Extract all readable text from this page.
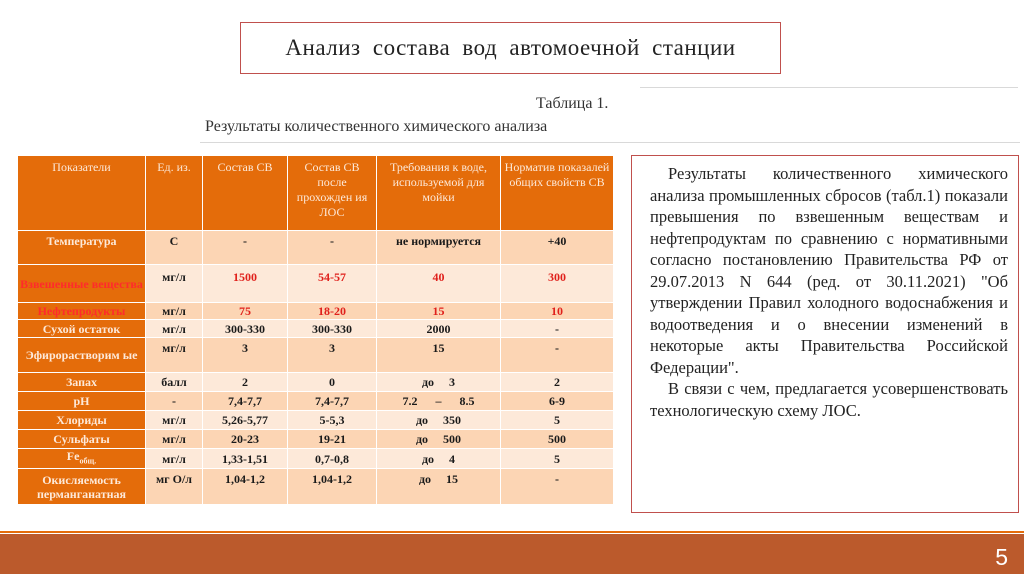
Анализ состава вод автомоечной станции
Таблица 1.
Результаты количественного химического анализа
Показатели	Ед. из.	Состав СВ	Состав СВ после прохожден ия ЛОС	Требования к воде, используемой для мойки	Норматив показалей общих свойств СВ
Температура	С	-	-	не нормируется	+40
Взвешенные вещества	мг/л	1500	54-57	40	300
Нефтепродукты	мг/л	75	18-20	15	10
Сухой остаток	мг/л	300-330	300-330	2000	-
Эфирорастворим ые	мг/л	3	3	15	-
Запах	балл	2	0	до     3	2
pH	-	7,4-7,7	7,4-7,7	7.2      –      8.5	6-9
Хлориды	мг/л	5,26-5,77	5-5,3	до     350	5
Сульфаты	мг/л	20-23	19-21	до     500	500
$Fe_{общ.}$	мг/л	1,33-1,51	0,7-0,8	до     4	5
Окисляемость перманганатная	мг О/л	1,04-1,2	1,04-1,2	до     15	-

Результаты количественного химического анализа промышленных сбросов (табл.1) показали превышения по взвешенным веществам и нефтепродуктам по сравнению с нормативными согласно постановлению Правительства РФ от 29.07.2013 N 644 (ред. от 30.11.2021) "Об утверждении Правил холодного водоснабжения и водоотведения и о внесении изменений в некоторые акты Правительства Российской Федерации".

В связи с чем, предлагается усовершенствовать технологическую схему ЛОС.

5
